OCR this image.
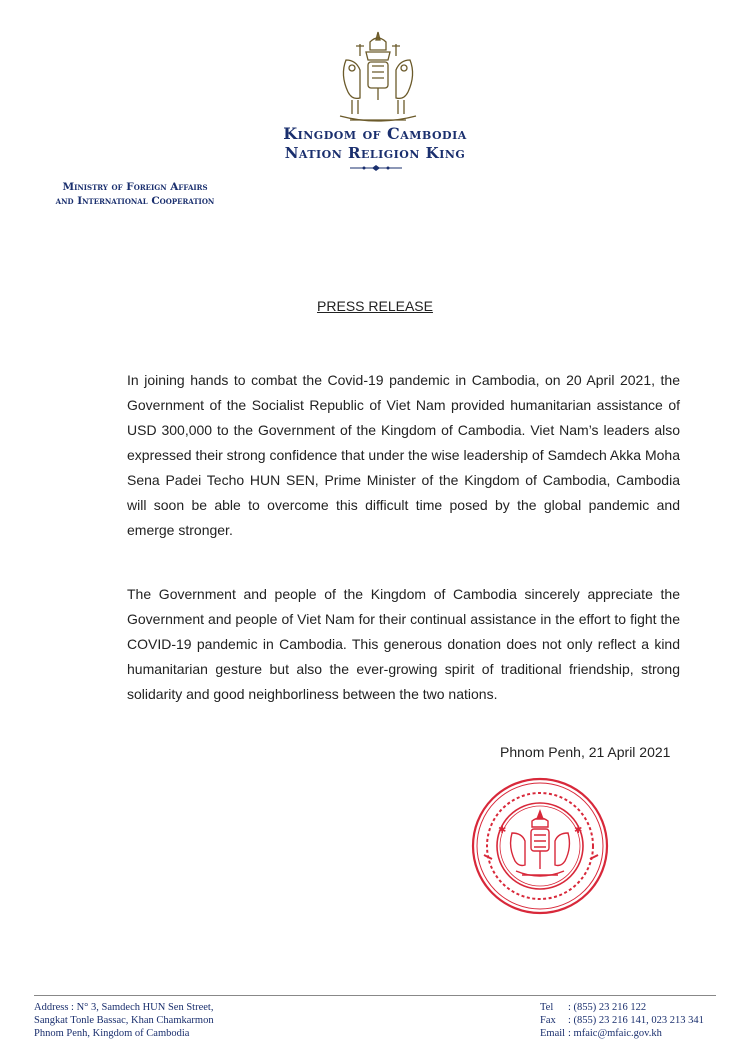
Kingdom of Cambodia
Nation Religion King
Ministry of Foreign Affairs
and International Cooperation
PRESS RELEASE
In joining hands to combat the Covid-19 pandemic in Cambodia, on 20 April 2021, the Government of the Socialist Republic of Viet Nam provided humanitarian assistance of USD 300,000 to the Government of the Kingdom of Cambodia. Viet Nam’s leaders also expressed their strong confidence that under the wise leadership of Samdech Akka Moha Sena Padei Techo HUN SEN, Prime Minister of the Kingdom of Cambodia, Cambodia will soon be able to overcome this difficult time posed by the global pandemic and emerge stronger.
The Government and people of the Kingdom of Cambodia sincerely appreciate the Government and people of Viet Nam for their continual assistance in the effort to fight the COVID-19 pandemic in Cambodia. This generous donation does not only reflect a kind humanitarian gesture but also the ever-growing spirit of traditional friendship, strong solidarity and good neighborliness between the two nations.
Phnom Penh, 21 April 2021
✱	✱
Address : N° 3, Samdech HUN Sen Street,
Sangkat Tonle Bassac, Khan Chamkarmon
Phnom Penh, Kingdom of Cambodia
Tel	: (855) 23 216 122
Fax	: (855) 23 216 141, 023 213 341
Email : mfaic@mfaic.gov.kh
